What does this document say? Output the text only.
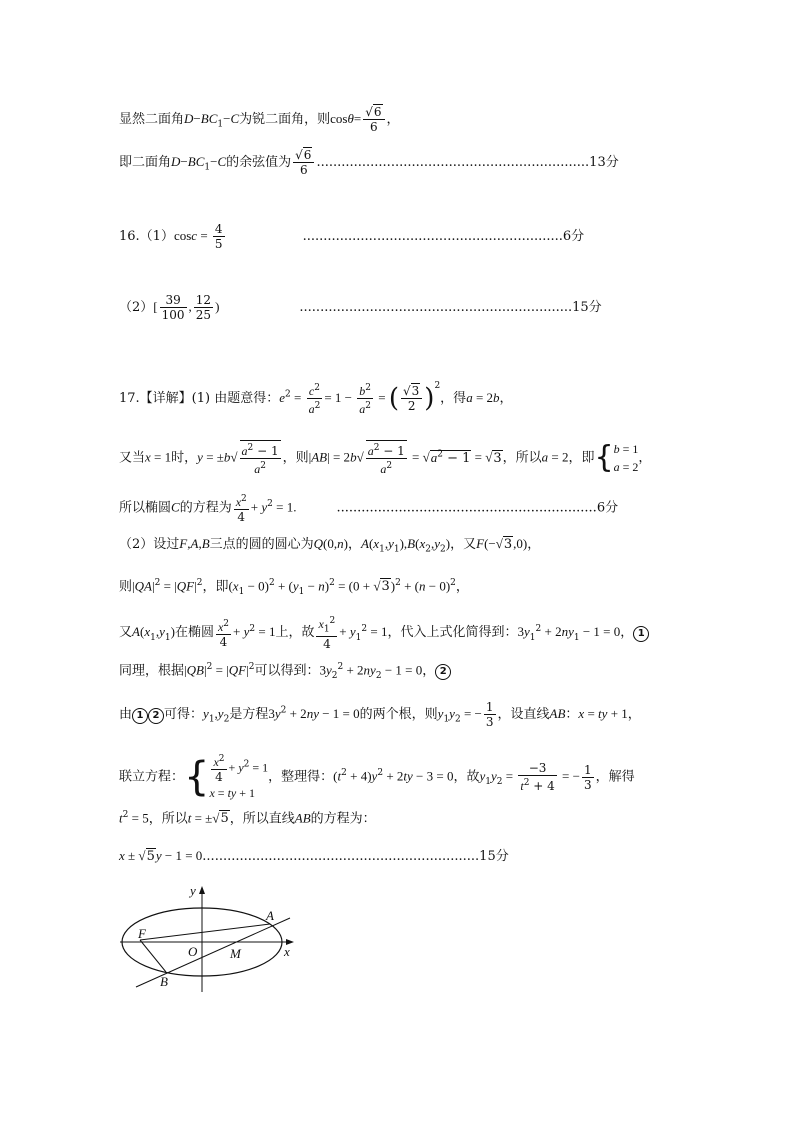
显然二面角$D-BC_1-C$为锐二面角，则$\cos\theta= \frac{√6}{6}$ ，
即二面角$D-BC_1-C$的余弦值为 $\frac{√6}{6} ..................................................................13$分
$16.(1)\cos c = \frac{4}{5}$	...............................................................6分
$(2)[ \frac{39}{100}$ , $\frac{12}{25}$ )	..................................................................15分
17.【详解】(1) 由题意得：$e^2 = \frac{c^2}{a^2} = 1 - \frac{b^2}{a^2}$ = ( $\frac{√3}{2} )^2$，得a = 2b，
又当x = 1时，$y = \pm b√ \frac{a^2 - 1}{a^2}$ ，则$|AB| = 2b√ \frac{a^2 - 1}{a^2} = √a^2 - 1 = √3$，所以a = 2，即{ b = 1
a = 2
，
所以椭圆C的方程为 $\frac{x^2}{4} + y^2 = 1$.	...............................................................6分
（2）设过F,A,B三点的圆的圆心为Q(0,n)，$A(x_1,y_1),B(x_2,y_2)$，又F(−√3,0)，
则$|QA|^2 = |QF|^2$，即$(x_1 - 0)^2 + (y_1 - n)^2 = (0 + √3)^2 + (n - 0)^2$，
又$A(x_1,y_1)$在椭圆 $\frac{x^2}{4} + y^2 = 1$上，故 $\frac{x_1^2}{4} + y_1^2 = 1$，代入上式化简得到：$3y_1^2 + 2ny_1 - 1 = 0$， 1
同理，根据$|QB|^2 = |QF|^2$可以得到：$3y_2^2 + 2ny_2 - 1 = 0$， 2
由 1 2 可得：$y_1,y_2$是方程$3y^2 + 2ny - 1 = 0$的两个根，则$y_1y_2$ = − $\frac{1}{3}$ ，设直线AB：x = ty + 1，
联立方程：{ $\frac{x^2}{4} + y^2 = 1$
x = ty + 1
，整理得：$(t^2 + 4)y^2 + 2ty - 3 = 0$，故$y_1y_2 = \frac{-3}{t^2 + 4}$ = − $\frac{1}{3}$ ，解得
$t^2 = 5$，所以t = ±√5，所以直线AB的方程为：
x ± √5y − 1 = 0...................................................................15分
y
x
F
O	M
A
B
